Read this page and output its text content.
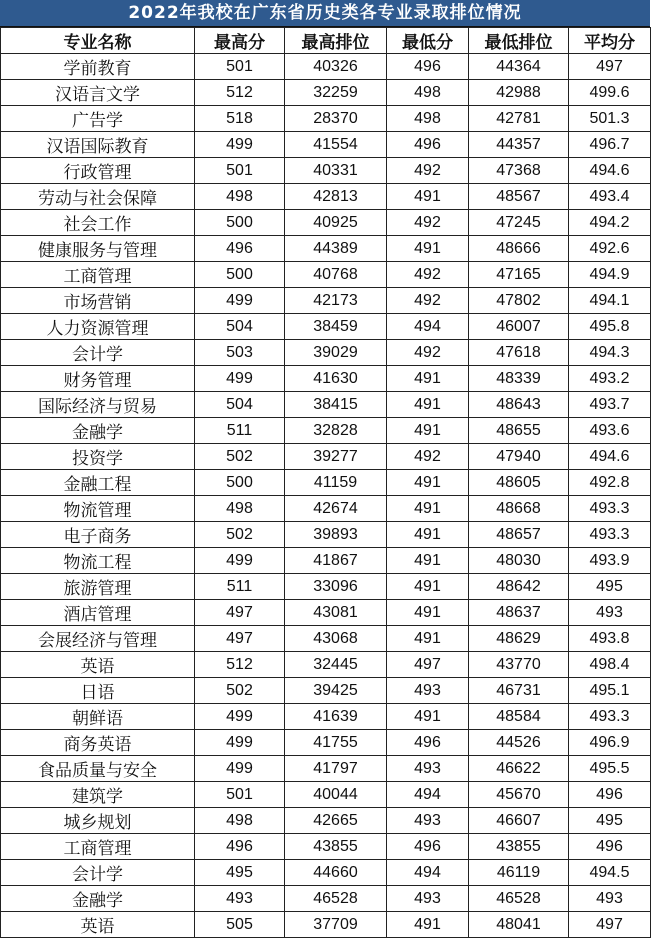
2022年我校在广东省历史类各专业录取排位情况
专业名称	最高分	最高排位	最低分	最低排位	平均分
学前教育	501	40326	496	44364	497
汉语言文学	512	32259	498	42988	499.6
广告学	518	28370	498	42781	501.3
汉语国际教育	499	41554	496	44357	496.7
行政管理	501	40331	492	47368	494.6
劳动与社会保障	498	42813	491	48567	493.4
社会工作	500	40925	492	47245	494.2
健康服务与管理	496	44389	491	48666	492.6
工商管理	500	40768	492	47165	494.9
市场营销	499	42173	492	47802	494.1
人力资源管理	504	38459	494	46007	495.8
会计学	503	39029	492	47618	494.3
财务管理	499	41630	491	48339	493.2
国际经济与贸易	504	38415	491	48643	493.7
金融学	511	32828	491	48655	493.6
投资学	502	39277	492	47940	494.6
金融工程	500	41159	491	48605	492.8
物流管理	498	42674	491	48668	493.3
电子商务	502	39893	491	48657	493.3
物流工程	499	41867	491	48030	493.9
旅游管理	511	33096	491	48642	495
酒店管理	497	43081	491	48637	493
会展经济与管理	497	43068	491	48629	493.8
英语	512	32445	497	43770	498.4
日语	502	39425	493	46731	495.1
朝鲜语	499	41639	491	48584	493.3
商务英语	499	41755	496	44526	496.9
食品质量与安全	499	41797	493	46622	495.5
建筑学	501	40044	494	45670	496
城乡规划	498	42665	493	46607	495
工商管理	496	43855	496	43855	496
会计学	495	44660	494	46119	494.5
金融学	493	46528	493	46528	493
英语	505	37709	491	48041	497
